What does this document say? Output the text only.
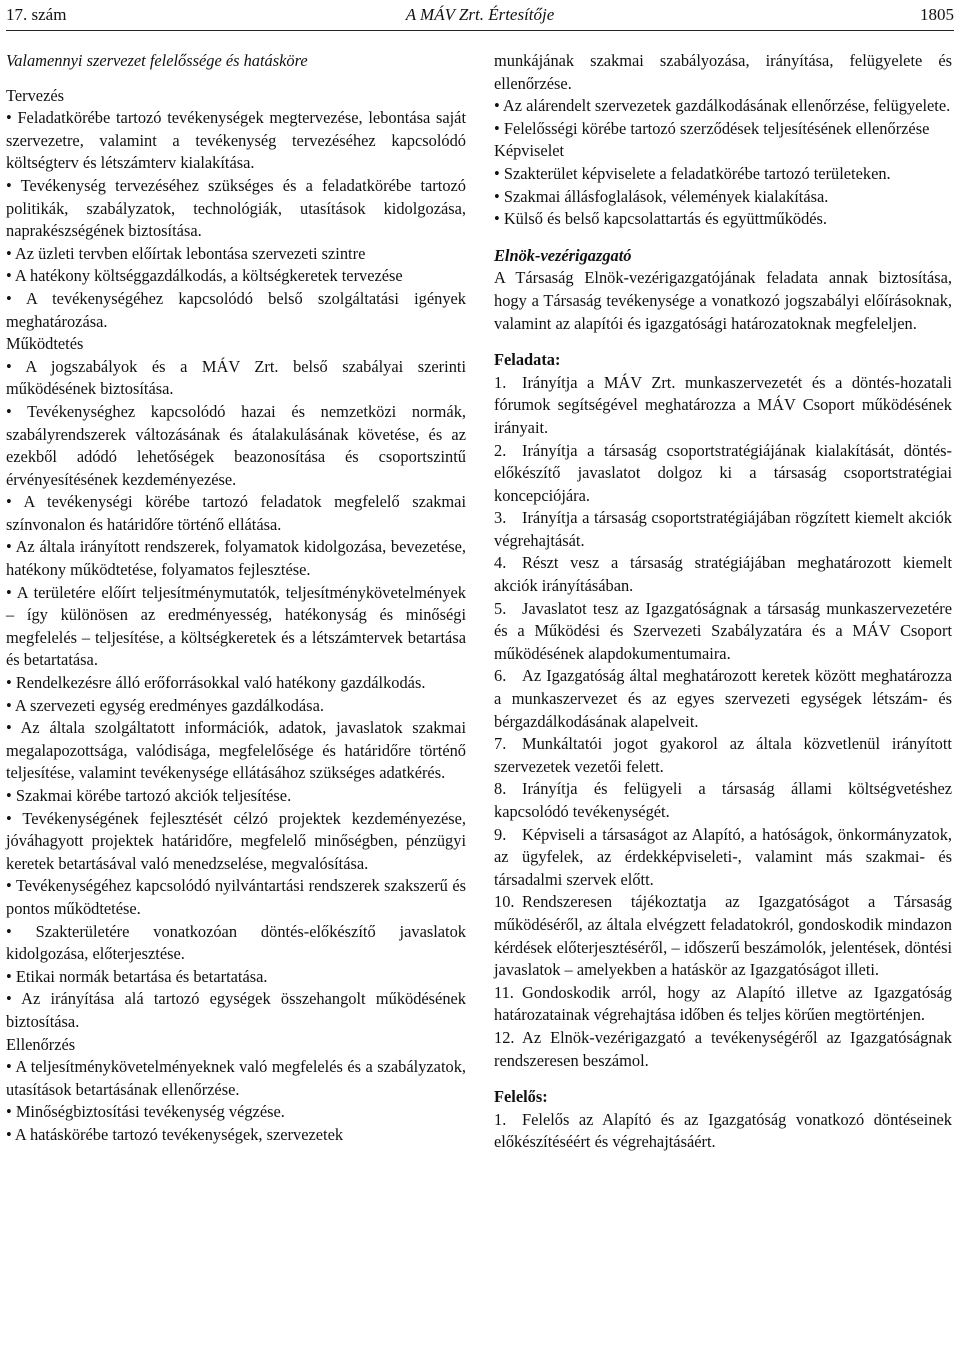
17. szám	A MÁV Zrt. Értesítője	1805

Valamennyi szervezet felelőssége és hatásköre

Tervezés

• Feladatkörébe tartozó tevékenységek megtervezése, lebontása saját szervezetre, valamint a tevékenység tervezéséhez kapcsolódó költségterv és létszámterv kialakítása.

• Tevékenység tervezéséhez szükséges és a feladatkörébe tartozó politikák, szabályzatok, technológiák, utasítások kidolgozása, naprakészségének biztosítása.

• Az üzleti tervben előírtak lebontása szervezeti szintre

• A hatékony költséggazdálkodás, a költségkeretek tervezése

• A tevékenységéhez kapcsolódó belső szolgáltatási igények meghatározása.

Működtetés

• A jogszabályok és a MÁV Zrt. belső szabályai szerinti működésének biztosítása.

• Tevékenységhez kapcsolódó hazai és nemzetközi normák, szabályrendszerek változásának és átalakulásának követése, és az ezekből adódó lehetőségek beazonosítása és csoportszintű érvényesítésének kezdeményezése.

• A tevékenységi körébe tartozó feladatok megfelelő szakmai színvonalon és határidőre történő ellátása.

• Az általa irányított rendszerek, folyamatok kidolgozása, bevezetése, hatékony működtetése, folyamatos fejlesztése.

• A területére előírt teljesítménymutatók, teljesítménykövetelmények – így különösen az eredményesség, hatékonyság és minőségi megfelelés – teljesítése, a költségkeretek és a létszámtervek betartása és betartatása.

• Rendelkezésre álló erőforrásokkal való hatékony gazdálkodás.

• A szervezeti egység eredményes gazdálkodása.

• Az általa szolgáltatott információk, adatok, javaslatok szakmai megalapozottsága, valódisága, megfelelősége és határidőre történő teljesítése, valamint tevékenysége ellátásához szükséges adatkérés.

• Szakmai körébe tartozó akciók teljesítése.

• Tevékenységének fejlesztését célzó projektek kezdeményezése, jóváhagyott projektek határidőre, megfelelő minőségben, pénzügyi keretek betartásával való menedzselése, megvalósítása.

• Tevékenységéhez kapcsolódó nyilvántartási rendszerek szakszerű és pontos működtetése.

• Szakterületére vonatkozóan döntés-előkészítő javaslatok kidolgozása, előterjesztése.

• Etikai normák betartása és betartatása.

• Az irányítása alá tartozó egységek összehangolt működésének biztosítása.

Ellenőrzés

• A teljesítménykövetelményeknek való megfelelés és a szabályzatok, utasítások betartásának ellenőrzése.

• Minőségbiztosítási tevékenység végzése.

• A hatáskörébe tartozó tevékenységek, szervezetek

munkájának szakmai szabályozása, irányítása, felügyelete és ellenőrzése.

• Az alárendelt szervezetek gazdálkodásának ellenőrzése, felügyelete.

• Felelősségi körébe tartozó szerződések teljesítésének ellenőrzése

Képviselet

• Szakterület képviselete a feladatkörébe tartozó területeken.

• Szakmai állásfoglalások, vélemények kialakítása.

• Külső és belső kapcsolattartás és együttműködés.

Elnök-vezérigazgató

A Társaság Elnök-vezérigazgatójának feladata annak biztosítása, hogy a Társaság tevékenysége a vonatkozó jogszabályi előírásoknak, valamint az alapítói és igazgatósági határozatoknak megfeleljen.

Feladata:

1. Irányítja a MÁV Zrt. munkaszervezetét és a döntés-hozatali fórumok segítségével meghatározza a MÁV Csoport működésének irányait.

2. Irányítja a társaság csoportstratégiájának kialakítását, döntés-előkészítő javaslatot dolgoz ki a társaság csoportstratégiai koncepciójára.

3. Irányítja a társaság csoportstratégiájában rögzített kiemelt akciók végrehajtását.

4. Részt vesz a társaság stratégiájában meghatározott kiemelt akciók irányításában.

5. Javaslatot tesz az Igazgatóságnak a társaság munkaszervezetére és a Működési és Szervezeti Szabályzatára és a MÁV Csoport működésének alapdokumentumaira.

6. Az Igazgatóság által meghatározott keretek között meghatározza a munkaszervezet és az egyes szervezeti egységek létszám- és bérgazdálkodásának alapelveit.

7. Munkáltatói jogot gyakorol az általa közvetlenül irányított szervezetek vezetői felett.

8. Irányítja és felügyeli a társaság állami költségvetéshez kapcsolódó tevékenységét.

9. Képviseli a társaságot az Alapító, a hatóságok, önkormányzatok, az ügyfelek, az érdekképviseleti-, valamint más szakmai- és társadalmi szervek előtt.

10. Rendszeresen tájékoztatja az Igazgatóságot a Társaság működéséről, az általa elvégzett feladatokról, gondoskodik mindazon kérdések előterjesztéséről, – időszerű beszámolók, jelentések, döntési javaslatok – amelyekben a hatáskör az Igazgatóságot illeti.

11. Gondoskodik arról, hogy az Alapító illetve az Igazgatóság határozatainak végrehajtása időben és teljes körűen megtörténjen.

12. Az Elnök-vezérigazgató a tevékenységéről az Igazgatóságnak rendszeresen beszámol.

Felelős:

1. Felelős az Alapító és az Igazgatóság vonatkozó döntéseinek előkészítéséért és végrehajtásáért.
